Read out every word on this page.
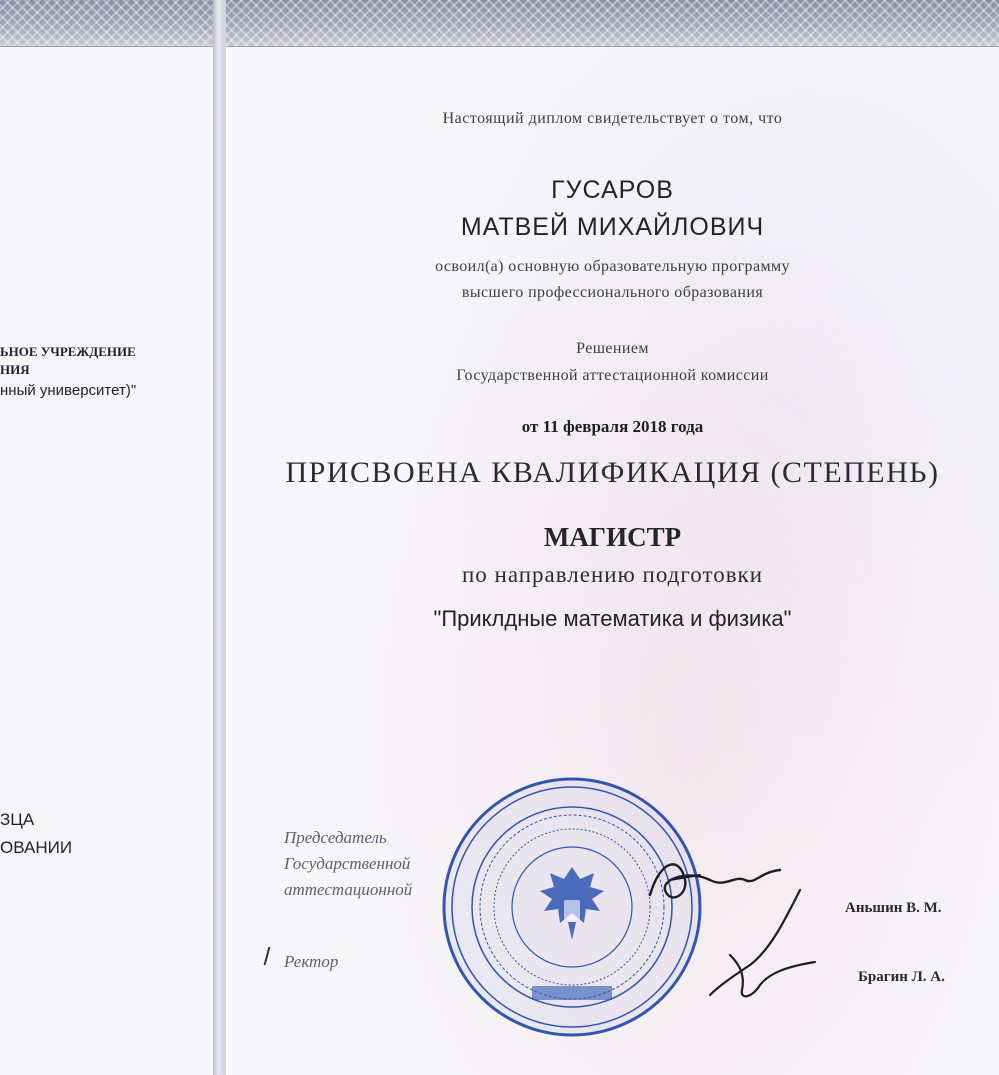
ЬНОЕ УЧРЕЖДЕНИЕ
НИЯ
нный университет)"
ЗЦА
ОВАНИИ
Настоящий диплом свидетельствует о том, что
ГУСАРОВ
МАТВЕЙ МИХАЙЛОВИЧ
освоил(а) основную образовательную программу
высшего профессионального образования
Решением
Государственной аттестационной комиссии
от 11 февраля 2018 года
ПРИСВОЕНА КВАЛИФИКАЦИЯ (СТЕПЕНЬ)
МАГИСТР
по направлению подготовки
"Приклдные математика и физика"
Председатель
Государственной
аттестационной
Ректор
Аньшин В. М.
Брагин Л. А.
